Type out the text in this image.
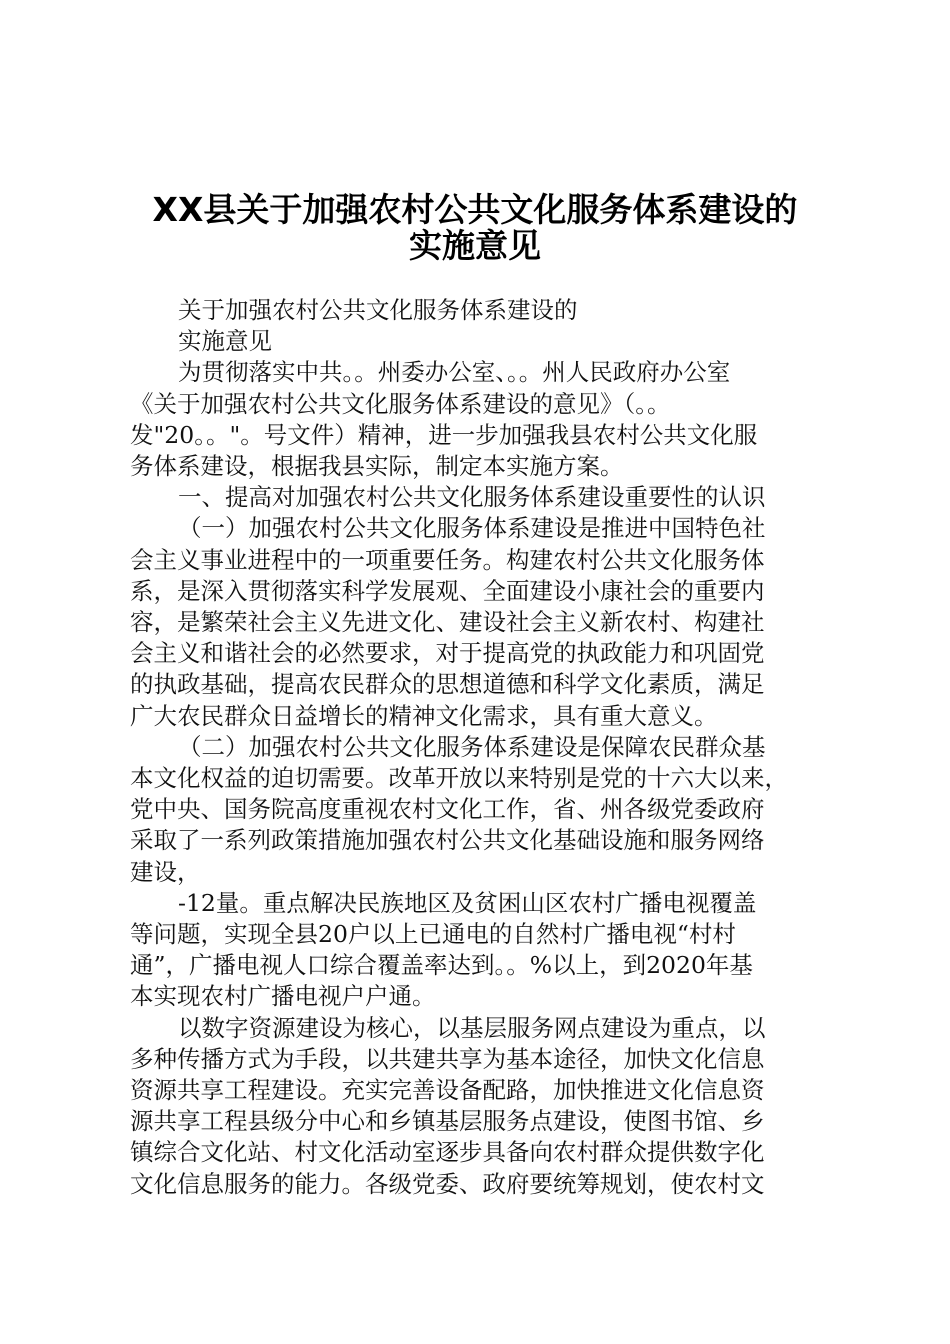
XX县关于加强农村公共文化服务体系建设的
实施意见

关于加强农村公共文化服务体系建设的

实施意见

为贯彻落实中共。。州委办公室、。。州人民政府办公室
《关于加强农村公共文化服务体系建设的意见》（。。
发"20。。"。号文件）精神，进一步加强我县农村公共文化服
务体系建设，根据我县实际，制定本实施方案。

一、提高对加强农村公共文化服务体系建设重要性的认识

（一）加强农村公共文化服务体系建设是推进中国特色社
会主义事业进程中的一项重要任务。构建农村公共文化服务体
系，是深入贯彻落实科学发展观、全面建设小康社会的重要内
容，是繁荣社会主义先进文化、建设社会主义新农村、构建社
会主义和谐社会的必然要求，对于提高党的执政能力和巩固党
的执政基础，提高农民群众的思想道德和科学文化素质，满足
广大农民群众日益增长的精神文化需求，具有重大意义。

（二）加强农村公共文化服务体系建设是保障农民群众基
本文化权益的迫切需要。改革开放以来特别是党的十六大以来，
党中央、国务院高度重视农村文化工作，省、州各级党委政府
采取了一系列政策措施加强农村公共文化基础设施和服务网络
建设，

-12量。重点解决民族地区及贫困山区农村广播电视覆盖
等问题，实现全县20户以上已通电的自然村广播电视“村村
通”，广播电视人口综合覆盖率达到。。%以上，到2020年基
本实现农村广播电视户户通。

以数字资源建设为核心，以基层服务网点建设为重点，以
多种传播方式为手段，以共建共享为基本途径，加快文化信息
资源共享工程建设。充实完善设备配路，加快推进文化信息资
源共享工程县级分中心和乡镇基层服务点建设，使图书馆、乡
镇综合文化站、村文化活动室逐步具备向农村群众提供数字化
文化信息服务的能力。各级党委、政府要统筹规划，使农村文
